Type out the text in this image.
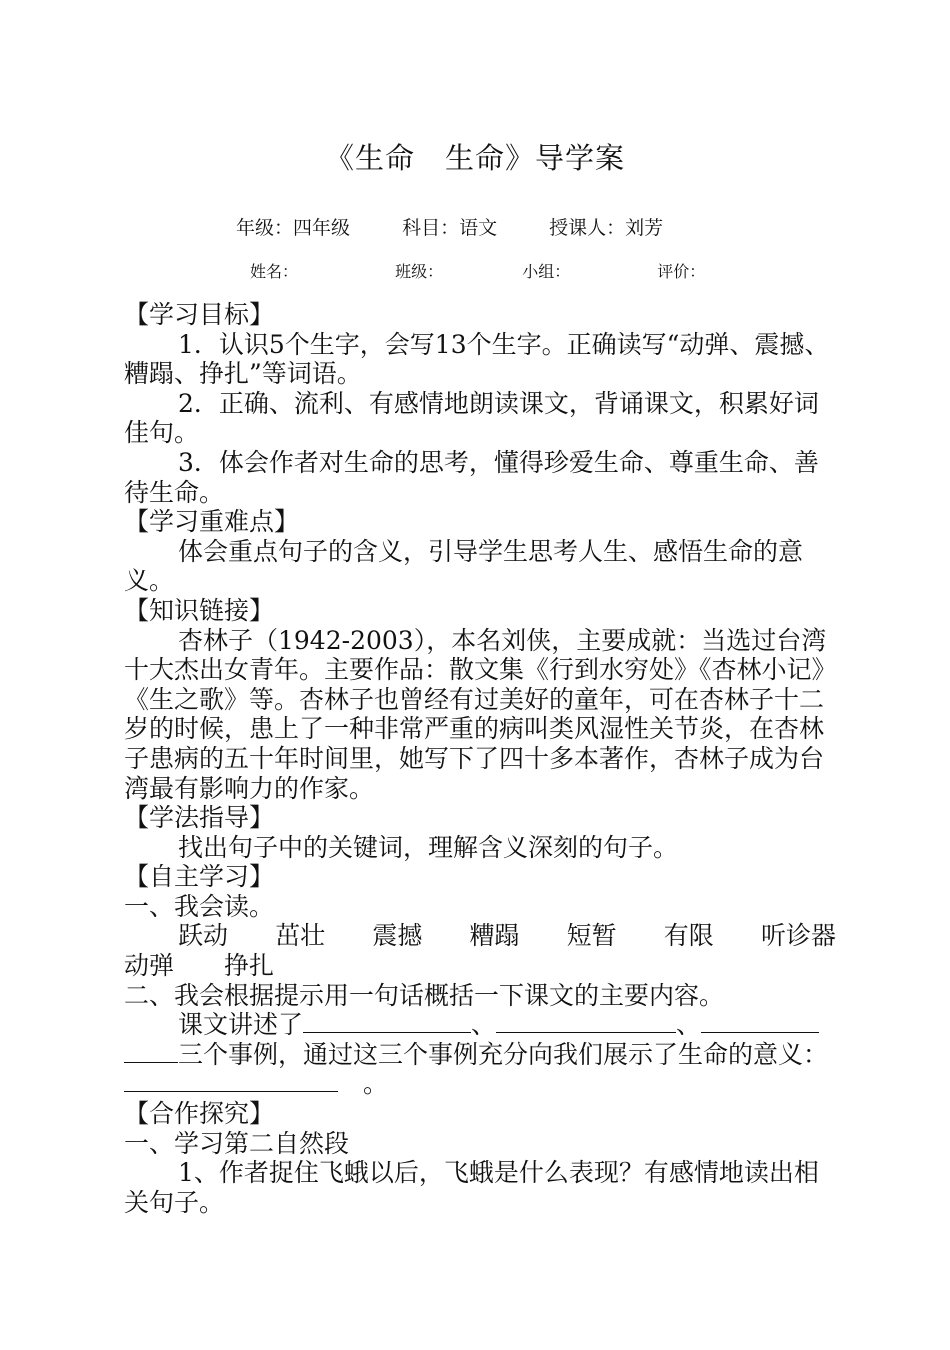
《生命　生命》导学案
年级：四年级	科目：语文	授课人：刘芳
姓名：	班级：	小组：	评价：

【学习目标】

1．认识5个生字，会写13个生字。正确读写“动弹、震撼、糟蹋、挣扎”等词语。

2．正确、流利、有感情地朗读课文，背诵课文，积累好词佳句。

3．体会作者对生命的思考，懂得珍爱生命、尊重生命、善待生命。

【学习重难点】

体会重点句子的含义，引导学生思考人生、感悟生命的意义。

【知识链接】

杏林子（1942-2003），本名刘侠，主要成就：当选过台湾十大杰出女青年。主要作品：散文集《行到水穷处》《杏林小记》《生之歌》等。杏林子也曾经有过美好的童年，可在杏林子十二岁的时候，患上了一种非常严重的病叫类风湿性关节炎，在杏林子患病的五十年时间里，她写下了四十多本著作，杏林子成为台湾最有影响力的作家。

【学法指导】

找出句子中的关键词，理解含义深刻的句子。

【自主学习】

一、我会读。

跃动 茁壮 震撼 糟蹋 短暂 有限 听诊器

动弹 挣扎

二、我会根据提示用一句话概括一下课文的主要内容。

课文讲述了	、	、
三个事例，通过这三个事例充分向我们展示了生命的意义：　。

【合作探究】

一、学习第二自然段

1、作者捉住飞蛾以后，飞蛾是什么表现？有感情地读出相关句子。
